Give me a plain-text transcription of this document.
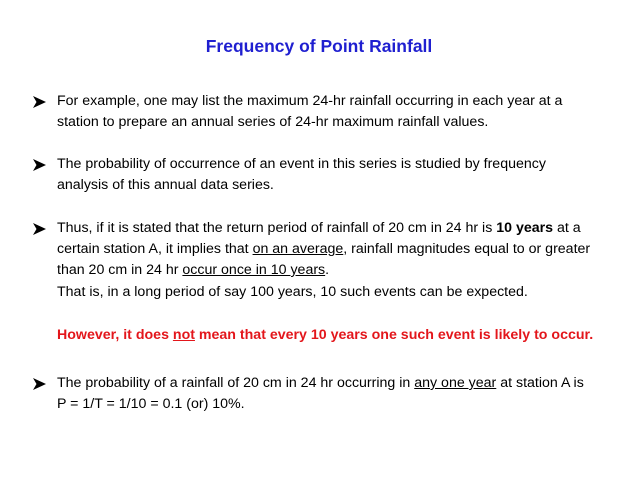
Frequency of Point Rainfall
For example, one may list the maximum 24-hr rainfall occurring in each year at a station to prepare an annual series of 24-hr maximum rainfall values.
The probability of occurrence of an event in this series is studied by frequency analysis of this annual data series.
Thus, if it is stated that the return period of rainfall of 20 cm in 24 hr is 10 years at a certain station A, it implies that on an average, rainfall magnitudes equal to or greater than 20 cm in 24 hr occur once in 10 years.
That is, in a long period of say 100 years, 10 such events can be expected.
However, it does not mean that every 10 years one such event is likely to occur.
The probability of a rainfall of 20 cm in 24 hr occurring in any one year at station A is P = 1/T = 1/10 = 0.1 (or) 10%.
